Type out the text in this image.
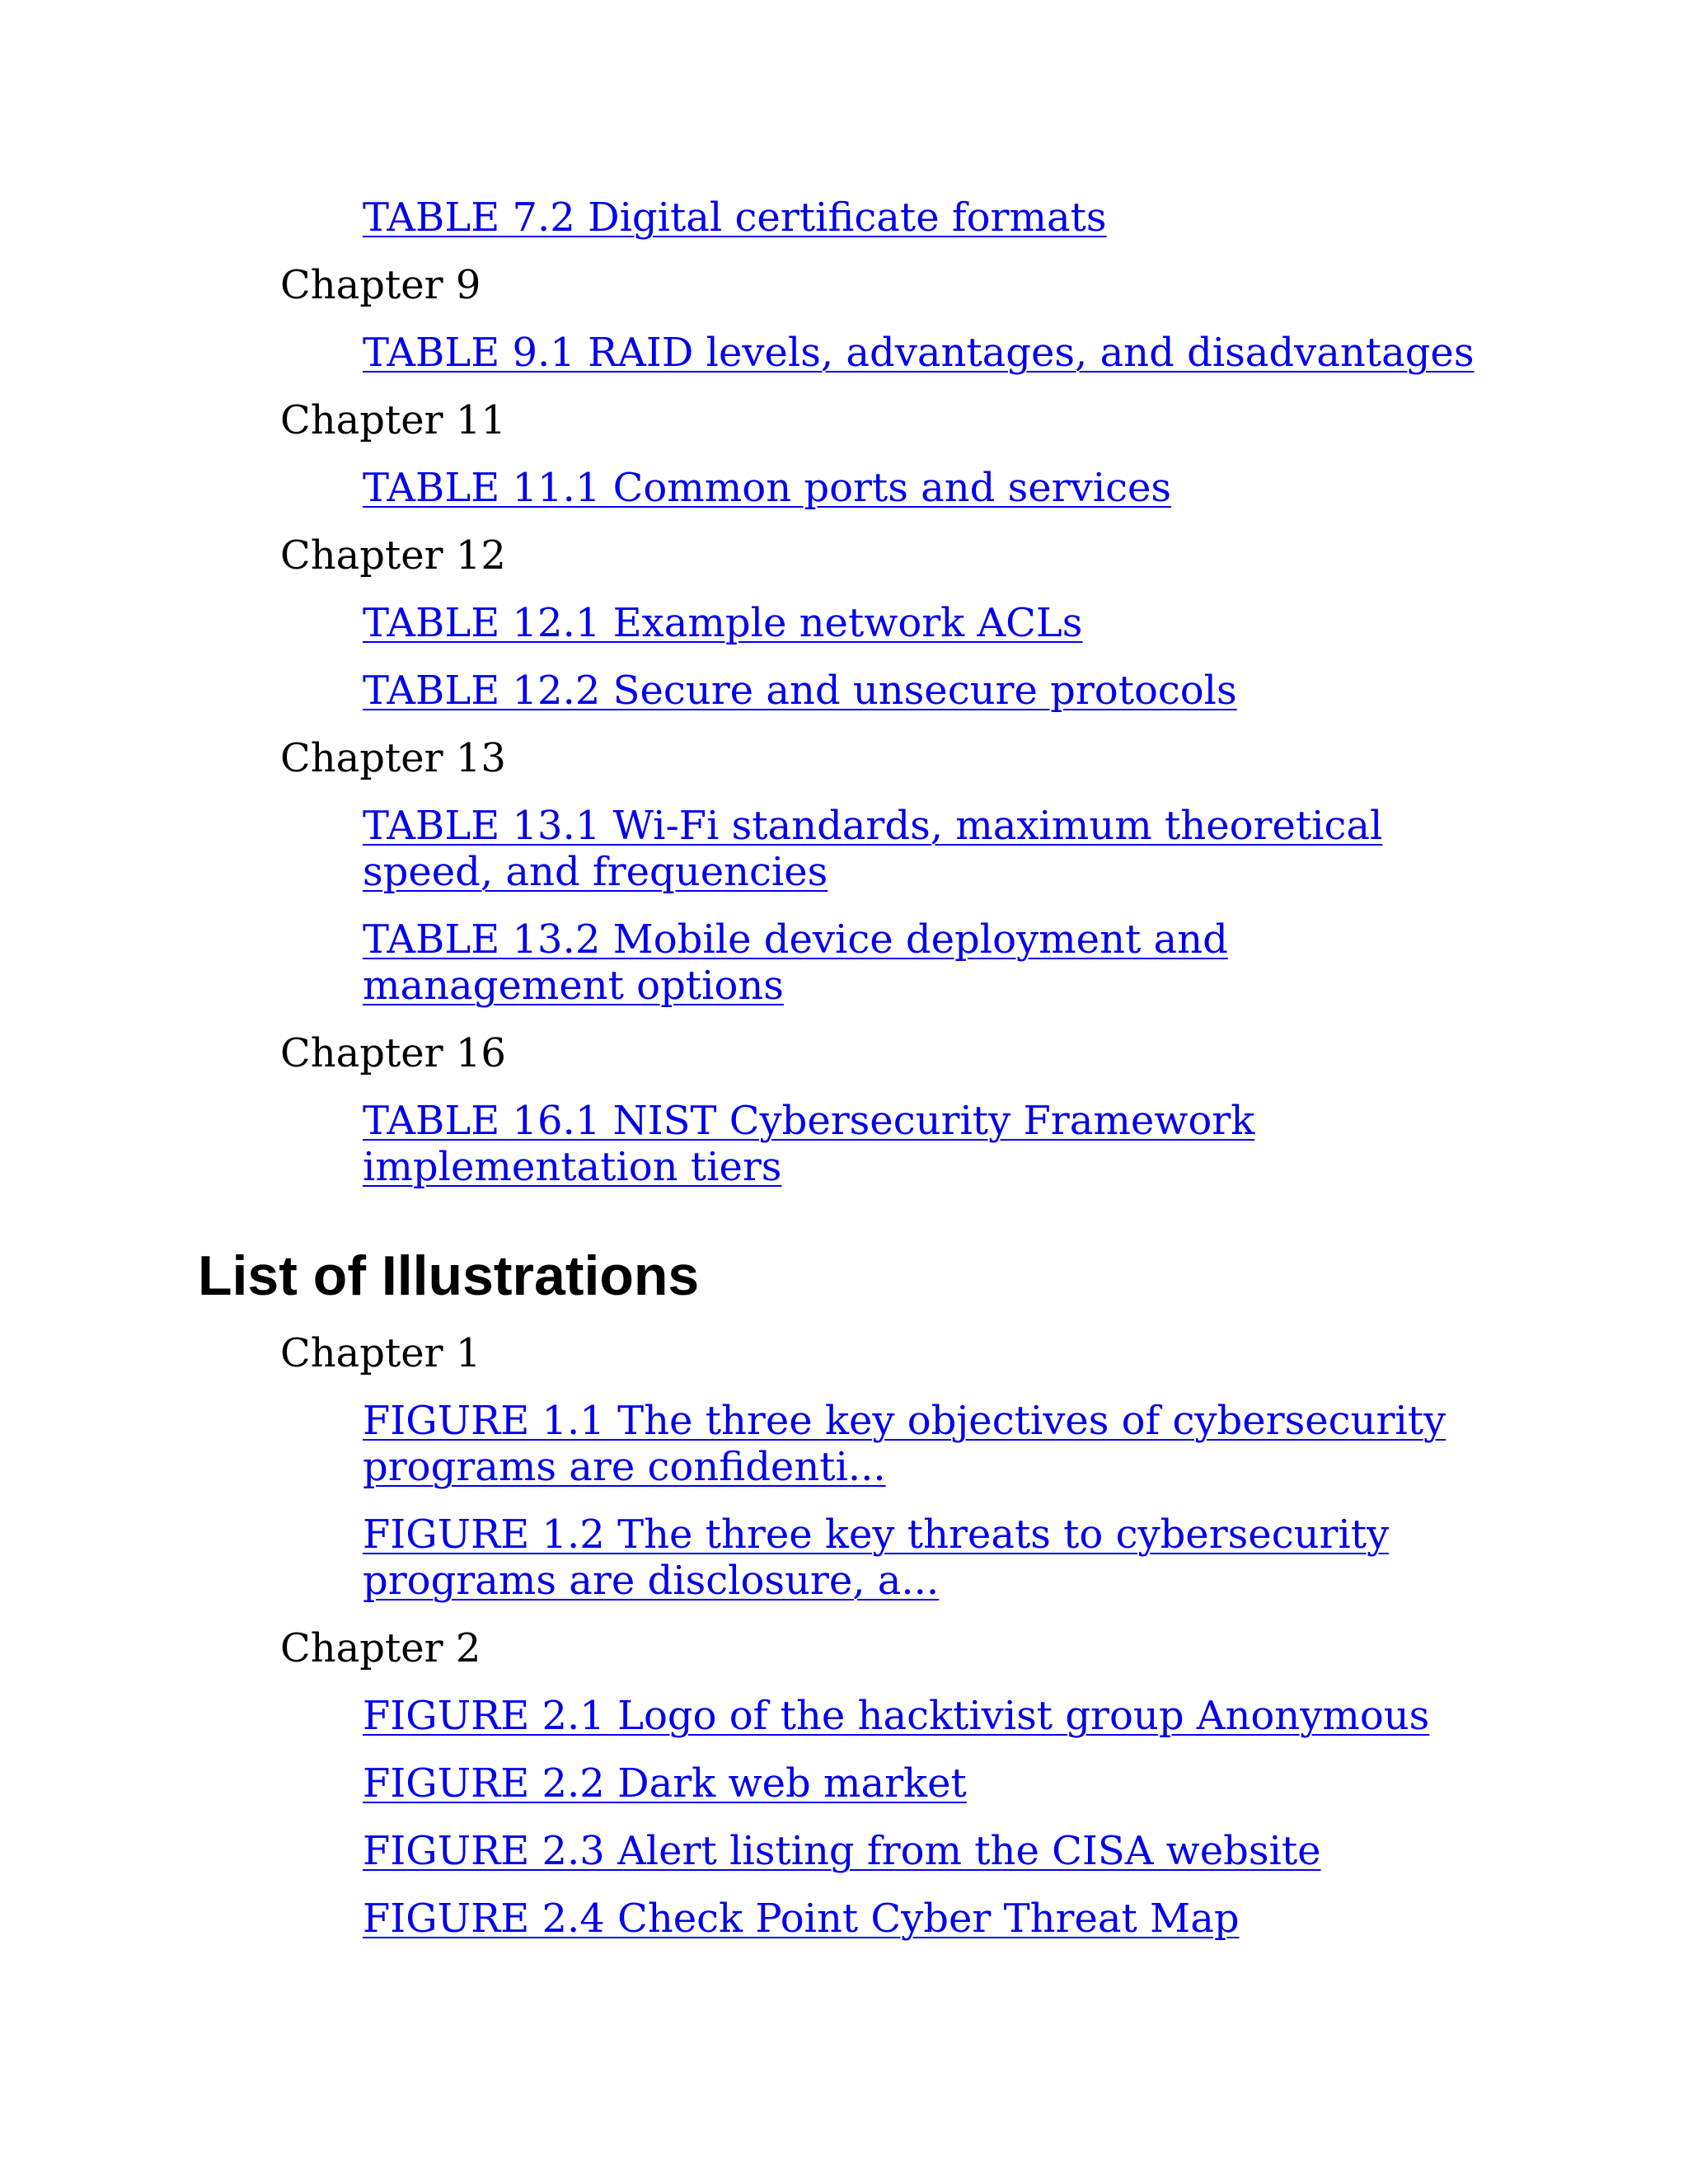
TABLE 7.2 Digital certificate formats
Chapter 9
TABLE 9.1 RAID levels, advantages, and disadvantages
Chapter 11
TABLE 11.1 Common ports and services
Chapter 12
TABLE 12.1 Example network ACLs
TABLE 12.2 Secure and unsecure protocols
Chapter 13
TABLE 13.1 Wi-Fi standards, maximum theoretical speed, and frequencies
TABLE 13.2 Mobile device deployment and management options
Chapter 16
TABLE 16.1 NIST Cybersecurity Framework implementation tiers
List of Illustrations
Chapter 1
FIGURE 1.1 The three key objectives of cybersecurity programs are confidenti...
FIGURE 1.2 The three key threats to cybersecurity programs are disclosure, a...
Chapter 2
FIGURE 2.1 Logo of the hacktivist group Anonymous
FIGURE 2.2 Dark web market
FIGURE 2.3 Alert listing from the CISA website
FIGURE 2.4 Check Point Cyber Threat Map
